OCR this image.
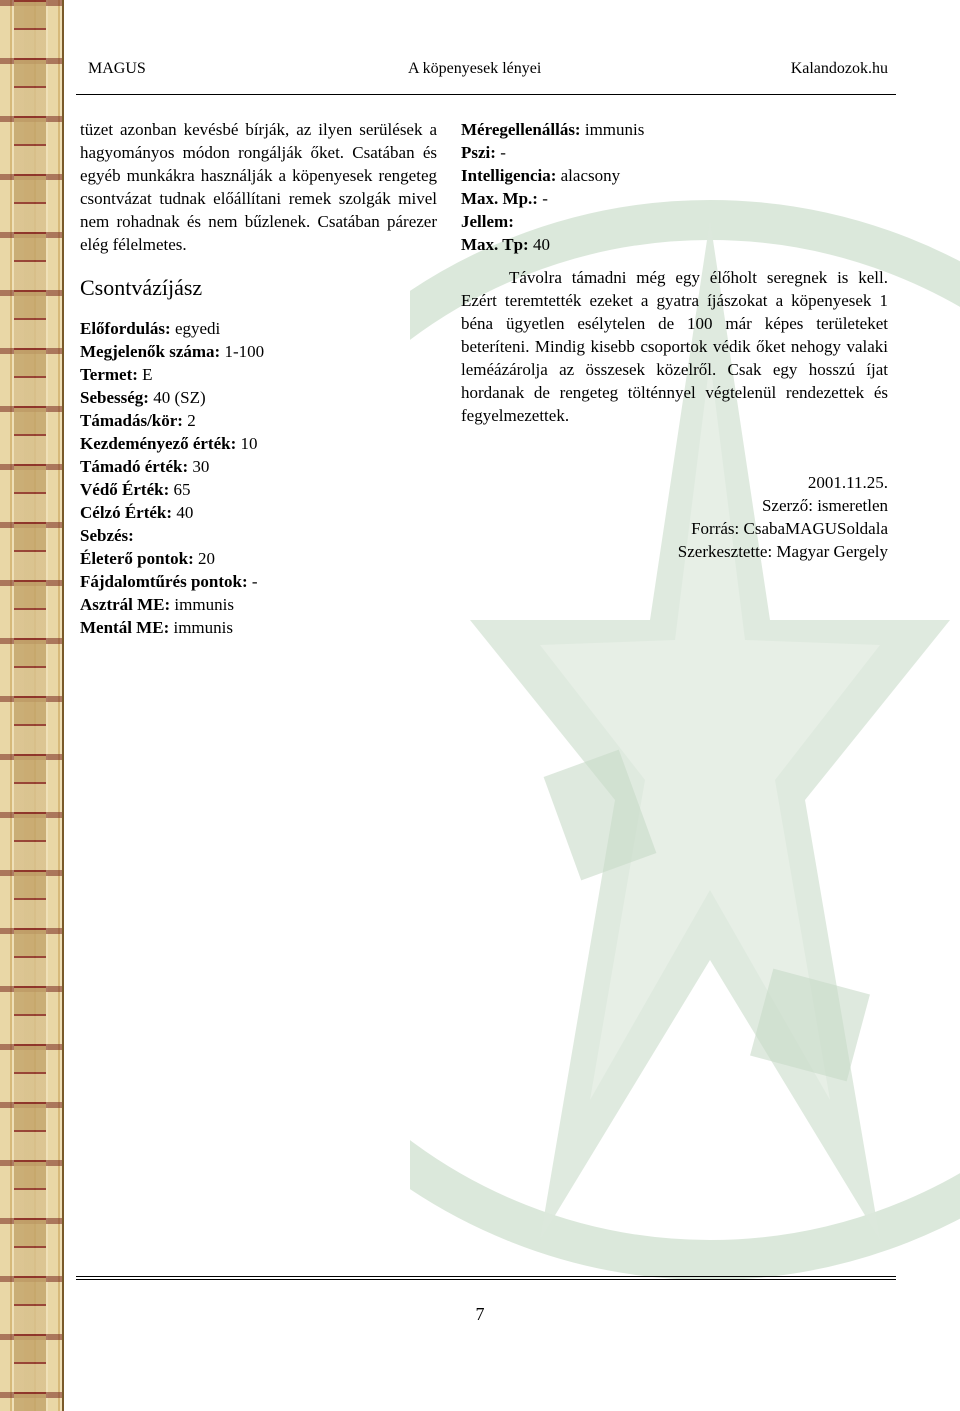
MAGUS	A köpenyesek lényei	Kalandozok.hu

tüzet azonban kevésbé bírják, az ilyen serülések a hagyományos módon rongálják őket. Csatában és egyéb munkákra használják a köpenyesek rengeteg csontvázat tudnak előállítani remek szolgák mivel nem rohadnak és nem bűzlenek. Csatában párezer elég félelmetes.

Csontvázíjász

Előfordulás: egyedi

Megjelenők száma: 1-100

Termet: E

Sebesség: 40 (SZ)

Támadás/kör: 2

Kezdeményező érték: 10

Támadó érték: 30

Védő Érték: 65

Célzó Érték: 40

Sebzés:

Életerő pontok: 20

Fájdalomtűrés pontok: -

Asztrál ME: immunis

Mentál ME: immunis

Méregellenállás: immunis

Pszi: -

Intelligencia: alacsony

Max. Mp.: -

Jellem:

Max. Tp: 40

Távolra támadni még egy élőholt seregnek is kell. Ezért teremtették ezeket a gyatra íjászokat a köpenyesek 1 béna ügyetlen esélytelen de 100 már képes területeket beteríteni. Mindig kisebb csoportok védik őket nehogy valaki leméázárolja az összesek közelről. Csak egy hosszú íjat hordanak de rengeteg tölténnyel végtelenül rendezettek és fegyelmezettek.

2001.11.25.
Szerző: ismeretlen
Forrás: CsabaMAGUSoldala
Szerkesztette: Magyar Gergely
7
